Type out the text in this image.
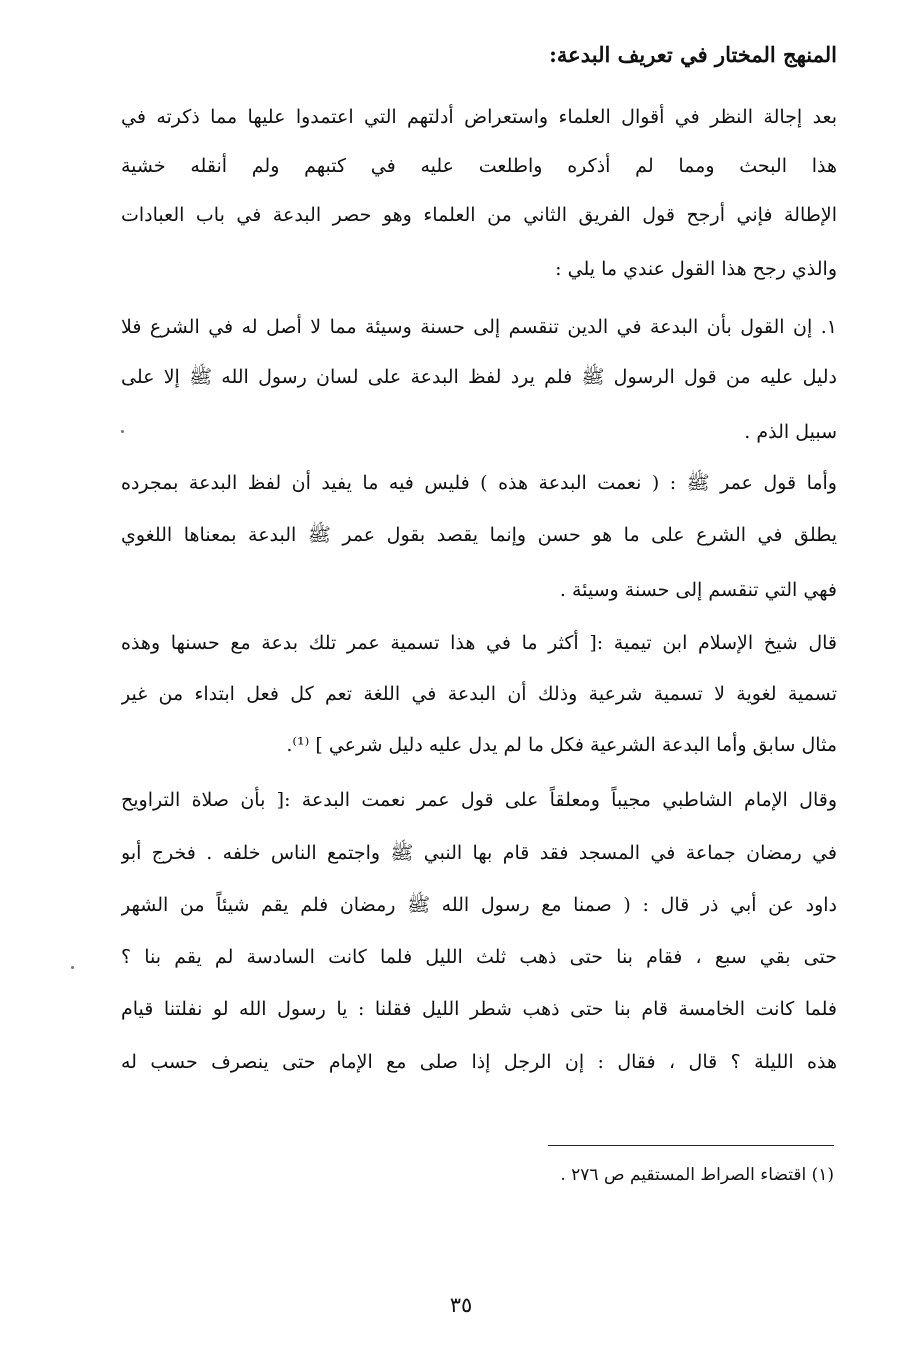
المنهج المختار في تعريف البدعة:
بعد إجالة النظر في أقوال العلماء واستعراض أدلتهم التي اعتمدوا عليها مما ذكرته في
هذا البحث ومما لم أذكره واطلعت عليه في كتبهم ولم أنقله خشية
الإطالة فإني أرجح قول الفريق الثاني من العلماء وهو حصر البدعة في باب العبادات
والذي رجح هذا القول عندي ما يلي :
١. إن القول بأن البدعة في الدين تنقسم إلى حسنة وسيئة مما لا أصل له في الشرع فلا
دليل عليه من قول الرسول ﷺ فلم يرد لفظ البدعة على لسان رسول الله ﷺ إلا على
سبيل الذم .
وأما قول عمر ﷺ : ( نعمت البدعة هذه ) فليس فيه ما يفيد أن لفظ البدعة بمجرده
يطلق في الشرع على ما هو حسن وإنما يقصد بقول عمر ﷺ البدعة بمعناها اللغوي
فهي التي تنقسم إلى حسنة وسيئة .
قال شيخ الإسلام ابن تيمية :[ أكثر ما في هذا تسمية عمر تلك بدعة مع حسنها وهذه
تسمية لغوية لا تسمية شرعية وذلك أن البدعة في اللغة تعم كل فعل ابتداء من غير
مثال سابق وأما البدعة الشرعية فكل ما لم يدل عليه دليل شرعي ] ⁽¹⁾.
وقال الإمام الشاطبي مجيباً ومعلقاً على قول عمر نعمت البدعة :[ بأن صلاة التراويح
في رمضان جماعة في المسجد فقد قام بها النبي ﷺ واجتمع الناس خلفه . فخرج أبو
داود عن أبي ذر قال : ( صمنا مع رسول الله ﷺ رمضان فلم يقم شيئاً من الشهر
حتى بقي سبع ، فقام بنا حتى ذهب ثلث الليل فلما كانت السادسة لم يقم بنا ؟
فلما كانت الخامسة قام بنا حتى ذهب شطر الليل فقلنا : يا رسول الله لو نفلتنا قيام
هذه الليلة ؟ قال ، فقال : إن الرجل إذا صلى مع الإمام حتى ينصرف حسب له
(١) اقتضاء الصراط المستقيم ص ٢٧٦ .
٣٥
